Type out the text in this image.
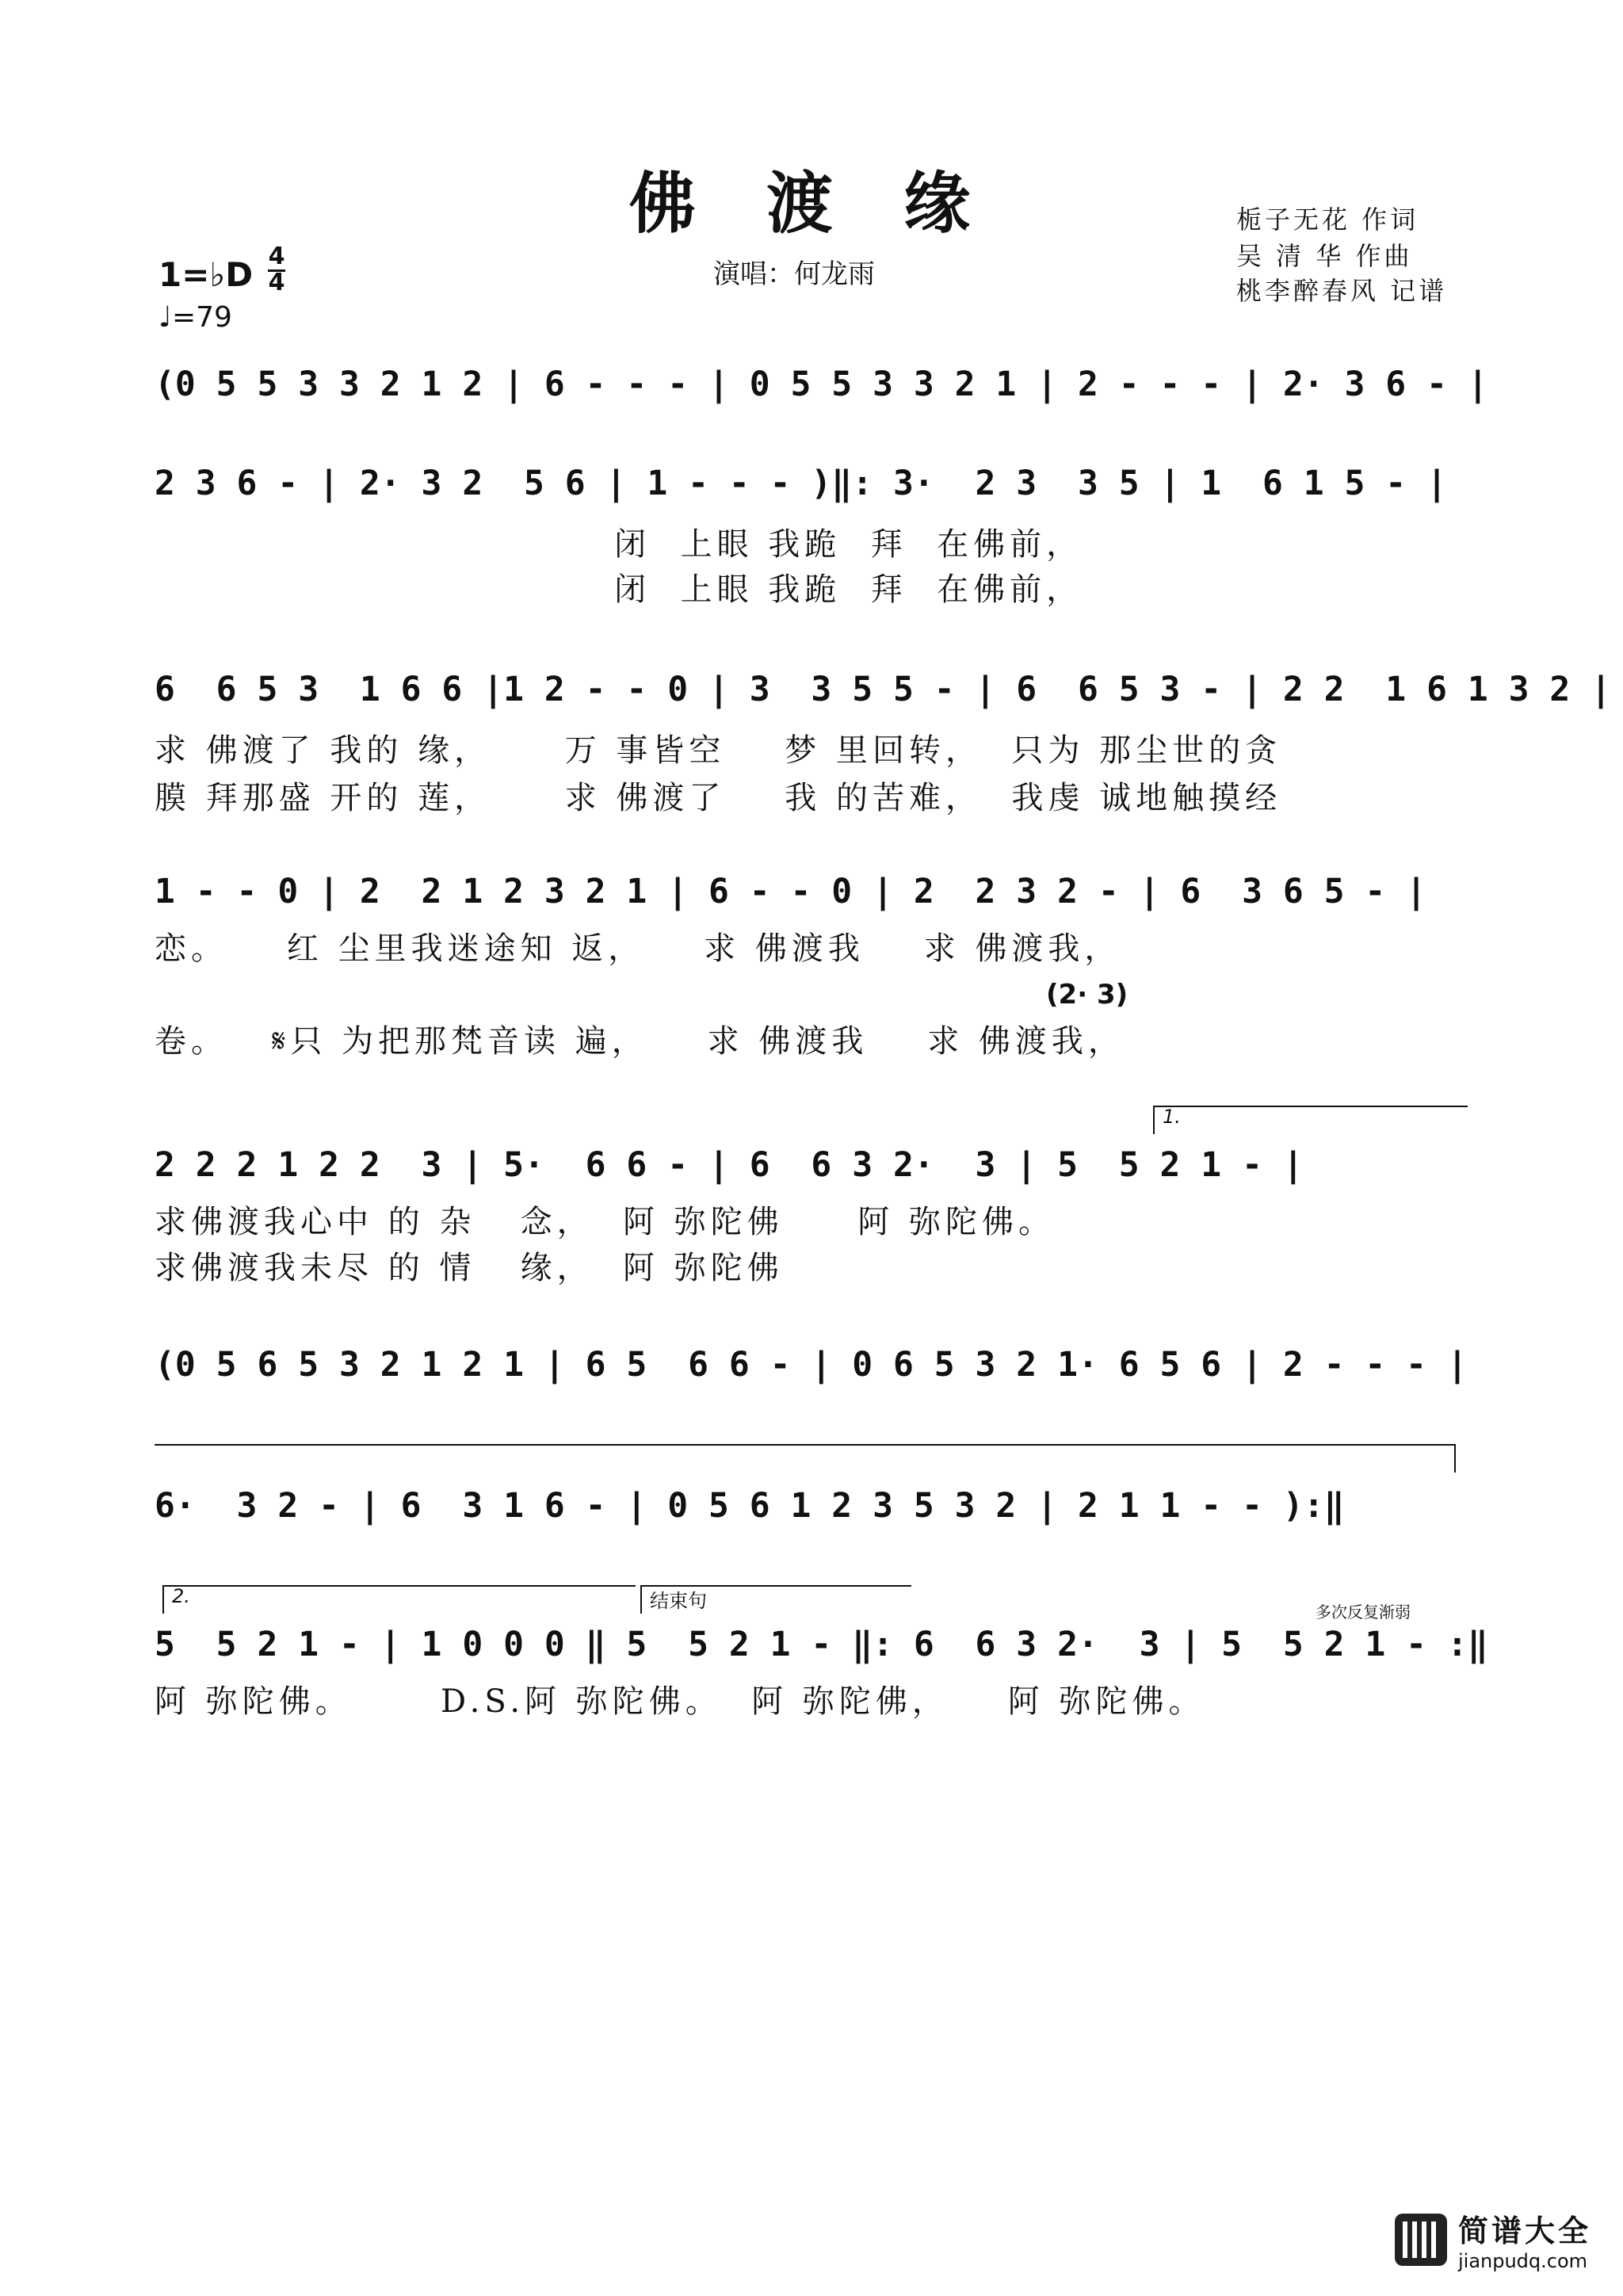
佛 渡 缘
演唱：何龙雨
栀子无花 作词
吴 清 华 作曲
桃李醉春风 记谱
1=♭D 4
4
♩=79
(0 5 5 3 3 2 1 2 | 6 - - - | 0 5 5 3 3 2 1 | 2 - - - | 2· 3 6 - |
2 3 6 - | 2· 3 2  5 6 | 1 - - - )‖: 3·  2 3  3 5 | 1  6 1 5 - |
闭  上眼 我跪  拜  在佛前，
闭  上眼 我跪  拜  在佛前，
6  6 5 3  1 6 6 |1 2 - - 0 | 3  3 5 5 - | 6  6 5 3 - | 2 2  1 6 1 3 2 |
求 佛渡了 我的 缘，     万 事皆空    梦 里回转，  只为 那尘世的贪
膜 拜那盛 开的 莲，     求 佛渡了    我 的苦难，  我虔 诚地触摸经
1 - - 0 | 2  2 1 2 3 2 1 | 6 - - 0 | 2  2 3 2 - | 6  3 6 5 - |
恋。    红 尘里我迷途知 返，    求 佛渡我    求 佛渡我，
(2· 3)
卷。   𝄋只 为把那梵音读 遍，    求 佛渡我    求 佛渡我，
1.
2 2 2 1 2 2  3 | 5·  6 6 - | 6  6 3 2·  3 | 5  5 2 1 - |
求佛渡我心中 的 杂   念，  阿 弥陀佛     阿 弥陀佛。
求佛渡我未尽 的 情   缘，  阿 弥陀佛
(0 5 6 5 3 2 1 2 1 | 6 5  6 6 - | 0 6 5 3 2 1· 6 5 6 | 2 - - - |
6·  3 2 - | 6  3 1 6 - | 0 5 6 1 2 3 5 3 2 | 2 1 1 - - ):‖
2.	结束句	多次反复渐弱
5  5 2 1 - | 1 0 0 0 ‖ 5  5 2 1 - ‖: 6  6 3 2·  3 | 5  5 2 1 - :‖
阿 弥陀佛。      D.S.阿 弥陀佛。  阿 弥陀佛，    阿 弥陀佛。
简谱大全
jianpudq.com
